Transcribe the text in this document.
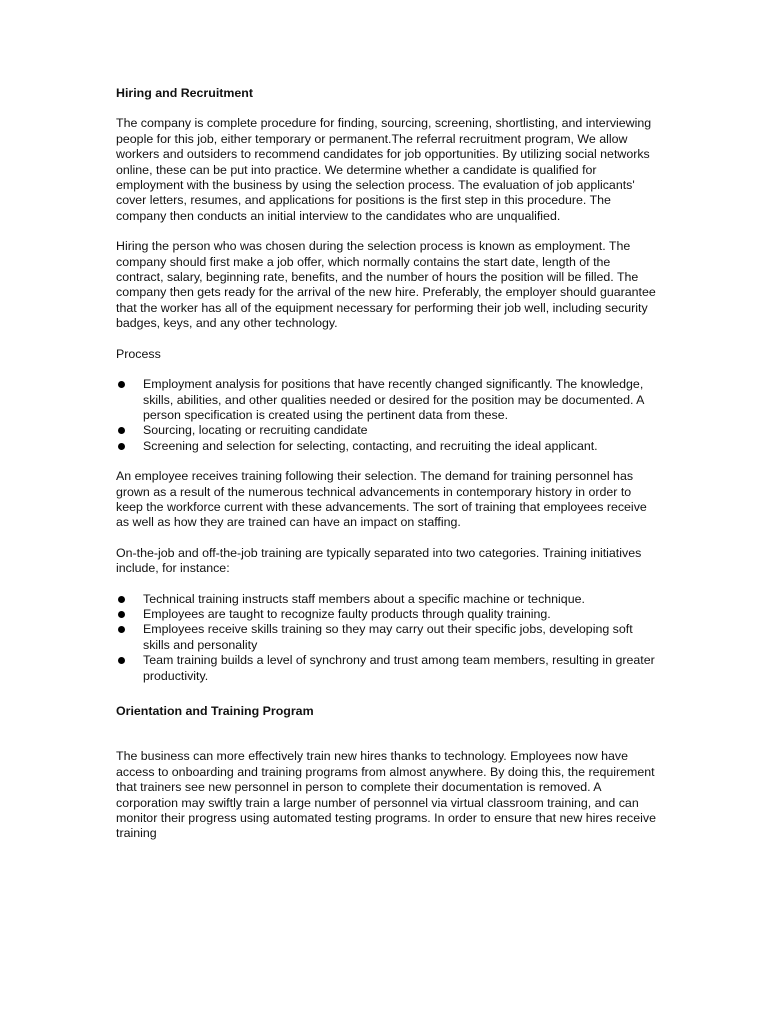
Hiring and Recruitment
The company is complete procedure for finding, sourcing, screening, shortlisting, and interviewing people for this job, either temporary or permanent.The referral recruitment program, We allow workers and outsiders to recommend candidates for job opportunities. By utilizing social networks online, these can be put into practice. We determine whether a candidate is qualified for employment with the business by using the selection process. The evaluation of job applicants' cover letters, resumes, and applications for positions is the first step in this procedure. The company then conducts an initial interview to the candidates who are unqualified.
Hiring the person who was chosen during the selection process is known as employment. The company should first make a job offer, which normally contains the start date, length of the contract, salary, beginning rate, benefits, and the number of hours the position will be filled. The company then gets ready for the arrival of the new hire. Preferably, the employer should guarantee that the worker has all of the equipment necessary for performing their job well, including security badges, keys, and any other technology.
Process
Employment analysis for positions that have recently changed significantly. The knowledge, skills, abilities, and other qualities needed or desired for the position may be documented. A person specification is created using the pertinent data from these.
Sourcing, locating or recruiting candidate
Screening and selection for selecting, contacting, and recruiting the ideal applicant.
An employee receives training following their selection. The demand for training personnel has grown as a result of the numerous technical advancements in contemporary history in order to keep the workforce current with these advancements. The sort of training that employees receive as well as how they are trained can have an impact on staffing.
On-the-job and off-the-job training are typically separated into two categories. Training initiatives include, for instance:
Technical training instructs staff members about a specific machine or technique.
Employees are taught to recognize faulty products through quality training.
Employees receive skills training so they may carry out their specific jobs, developing soft skills and personality
Team training builds a level of synchrony and trust among team members, resulting in greater productivity.
Orientation and Training Program
The business can more effectively train new hires thanks to technology. Employees now have access to onboarding and training programs from almost anywhere. By doing this, the requirement that trainers see new personnel in person to complete their documentation is removed. A corporation may swiftly train a large number of personnel via virtual classroom training, and can monitor their progress using automated testing programs. In order to ensure that new hires receive training
